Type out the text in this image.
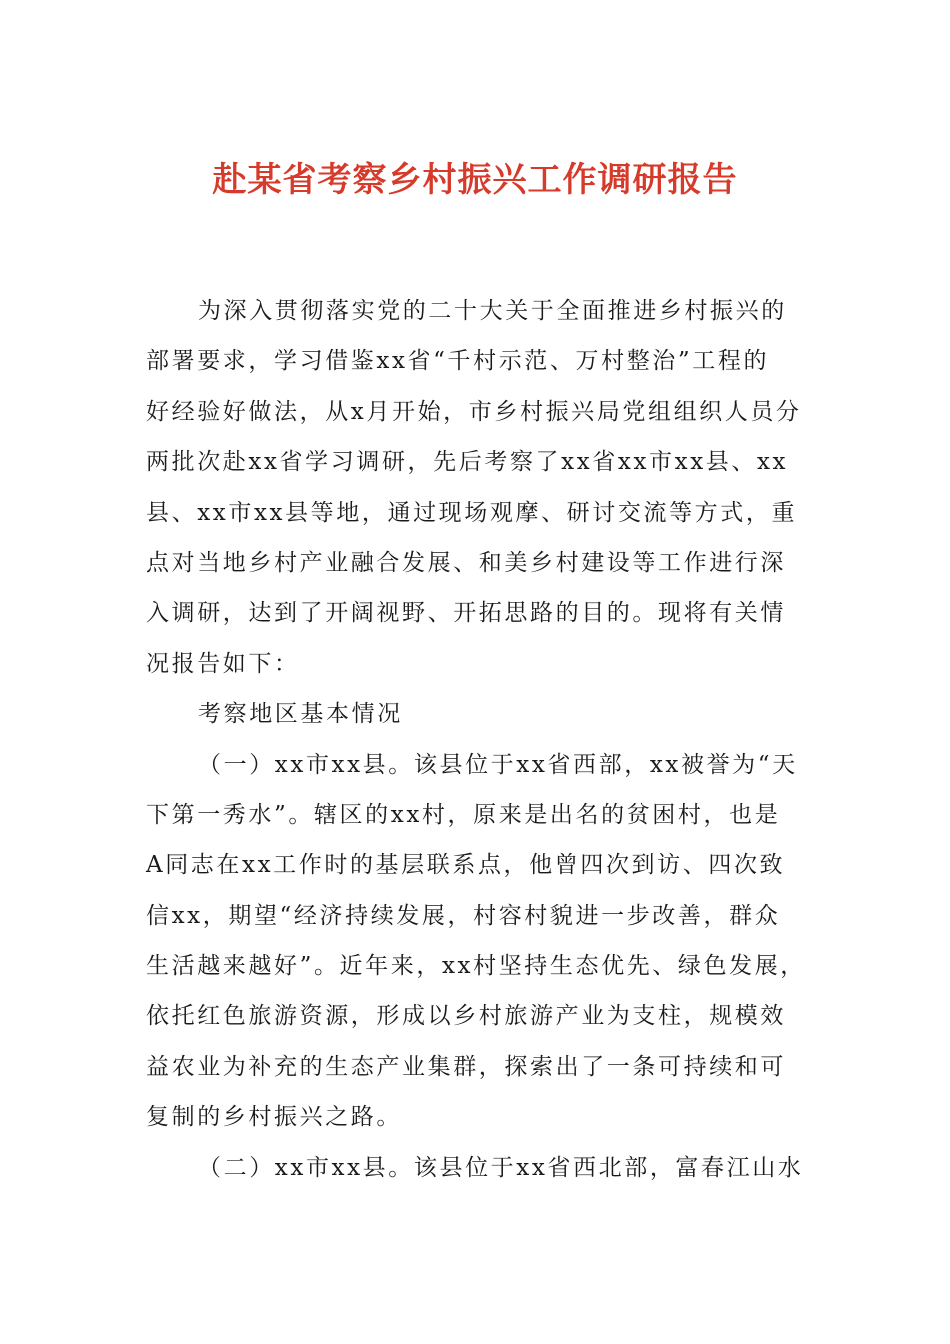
赴某省考察乡村振兴工作调研报告
为深入贯彻落实党的二十大关于全面推进乡村振兴的
部署要求，学习借鉴xx省“千村示范、万村整治”工程的
好经验好做法，从x月开始，市乡村振兴局党组组织人员分
两批次赴xx省学习调研，先后考察了xx省xx市xx县、xx
县、xx市xx县等地，通过现场观摩、研讨交流等方式，重
点对当地乡村产业融合发展、和美乡村建设等工作进行深
入调研，达到了开阔视野、开拓思路的目的。现将有关情
况报告如下：
考察地区基本情况
（一）xx市xx县。该县位于xx省西部，xx被誉为“天
下第一秀水”。辖区的xx村，原来是出名的贫困村，也是
A同志在xx工作时的基层联系点，他曾四次到访、四次致
信xx，期望“经济持续发展，村容村貌进一步改善，群众
生活越来越好”。近年来，xx村坚持生态优先、绿色发展，
依托红色旅游资源，形成以乡村旅游产业为支柱，规模效
益农业为补充的生态产业集群，探索出了一条可持续和可
复制的乡村振兴之路。
（二）xx市xx县。该县位于xx省西北部，富春江山水
